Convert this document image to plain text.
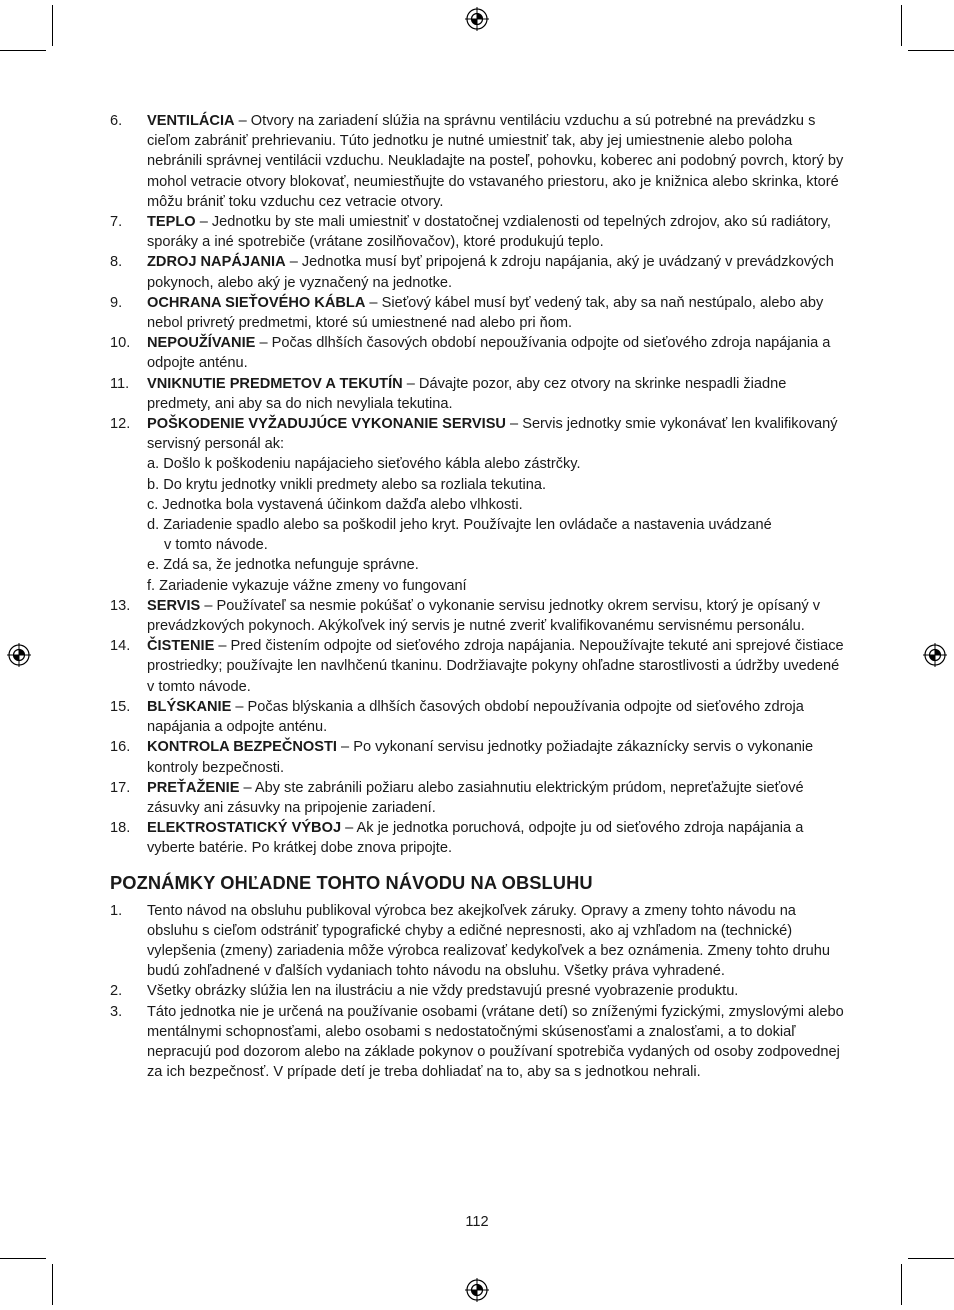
6. VENTILÁCIA – Otvory na zariadení slúžia na správnu ventiláciu vzduchu a sú potrebné na prevádzku s cieľom zabrániť prehrievaniu. Túto jednotku je nutné umiestniť tak, aby jej umiestnenie alebo poloha nebránili správnej ventilácii vzduchu. Neukladajte na posteľ, pohovku, koberec ani podobný povrch, ktorý by mohol vetracie otvory blokovať, neumiestňujte do vstavaného priestoru, ako je knižnica alebo skrinka, ktoré môžu brániť toku vzduchu cez vetracie otvory.
7. TEPLO – Jednotku by ste mali umiestniť v dostatočnej vzdialenosti od tepelných zdrojov, ako sú radiátory, sporáky a iné spotrebiče (vrátane zosilňovačov), ktoré produkujú teplo.
8. ZDROJ NAPÁJANIA – Jednotka musí byť pripojená k zdroju napájania, aký je uvádzaný v prevádzkových pokynoch, alebo aký je vyznačený na jednotke.
9. OCHRANA SIEŤOVÉHO KÁBLA – Sieťový kábel musí byť vedený tak, aby sa naň nestúpalo, alebo aby nebol privretý predmetmi, ktoré sú umiestnené nad alebo pri ňom.
10. NEPOUŽÍVANIE – Počas dlhších časových období nepoužívania odpojte od sieťového zdroja napájania a odpojte anténu.
11. VNIKNUTIE PREDMETOV A TEKUTÍN – Dávajte pozor, aby cez otvory na skrinke nespadli žiadne predmety, ani aby sa do nich nevyliala tekutina.
12. POŠKODENIE VYŽADUJÚCE VYKONANIE SERVISU – Servis jednotky smie vykonávať len kvalifikovaný servisný personál ak:
a. Došlo k poškodeniu napájacieho sieťového kábla alebo zástrčky.
b. Do krytu jednotky vnikli predmety alebo sa rozliala tekutina.
c. Jednotka bola vystavená účinkom dažďa alebo vlhkosti.
d. Zariadenie spadlo alebo sa poškodil jeho kryt. Používajte len ovládače a nastavenia uvádzané
v tomto návode.
e. Zdá sa, že jednotka nefunguje správne.
f. Zariadenie vykazuje vážne zmeny vo fungovaní
13. SERVIS – Používateľ sa nesmie pokúšať o vykonanie servisu jednotky okrem servisu, ktorý je opísaný v prevádzkových pokynoch. Akýkoľvek iný servis je nutné zveriť kvalifikovanému servisnému personálu.
14. ČISTENIE – Pred čistením odpojte od sieťového zdroja napájania. Nepoužívajte tekuté ani sprejové čistiace prostriedky; používajte len navlhčenú tkaninu. Dodržiavajte pokyny ohľadne starostlivosti a údržby uvedené v tomto návode.
15. BLÝSKANIE – Počas blýskania a dlhších časových období nepoužívania odpojte od sieťového zdroja napájania a odpojte anténu.
16. KONTROLA BEZPEČNOSTI – Po vykonaní servisu jednotky požiadajte zákaznícky servis o vykonanie kontroly bezpečnosti.
17. PREŤAŽENIE – Aby ste zabránili požiaru alebo zasiahnutiu elektrickým prúdom, nepreťažujte sieťové zásuvky ani zásuvky na pripojenie zariadení.
18. ELEKTROSTATICKÝ VÝBOJ – Ak je jednotka poruchová, odpojte ju od sieťového zdroja napájania a vyberte batérie. Po krátkej dobe znova pripojte.
POZNÁMKY OHĽADNE TOHTO NÁVODU NA OBSLUHU
1. Tento návod na obsluhu publikoval výrobca bez akejkoľvek záruky. Opravy a zmeny tohto návodu na obsluhu s cieľom odstrániť typografické chyby a edičné nepresnosti, ako aj vzhľadom na (technické) vylepšenia (zmeny) zariadenia môže výrobca realizovať kedykoľvek a bez oznámenia. Zmeny tohto druhu budú zohľadnené v ďalších vydaniach tohto návodu na obsluhu. Všetky práva vyhradené.
2. Všetky obrázky slúžia len na ilustráciu a nie vždy predstavujú presné vyobrazenie produktu.
3. Táto jednotka nie je určená na používanie osobami (vrátane detí) so zníženými fyzickými, zmyslovými alebo mentálnymi schopnosťami, alebo osobami s nedostatočnými skúsenosťami a znalosťami, a to dokiaľ nepracujú pod dozorom alebo na základe pokynov o používaní spotrebiča vydaných od osoby zodpovednej za ich bezpečnosť. V prípade detí je treba dohliadať na to, aby sa s jednotkou nehrali.
112
